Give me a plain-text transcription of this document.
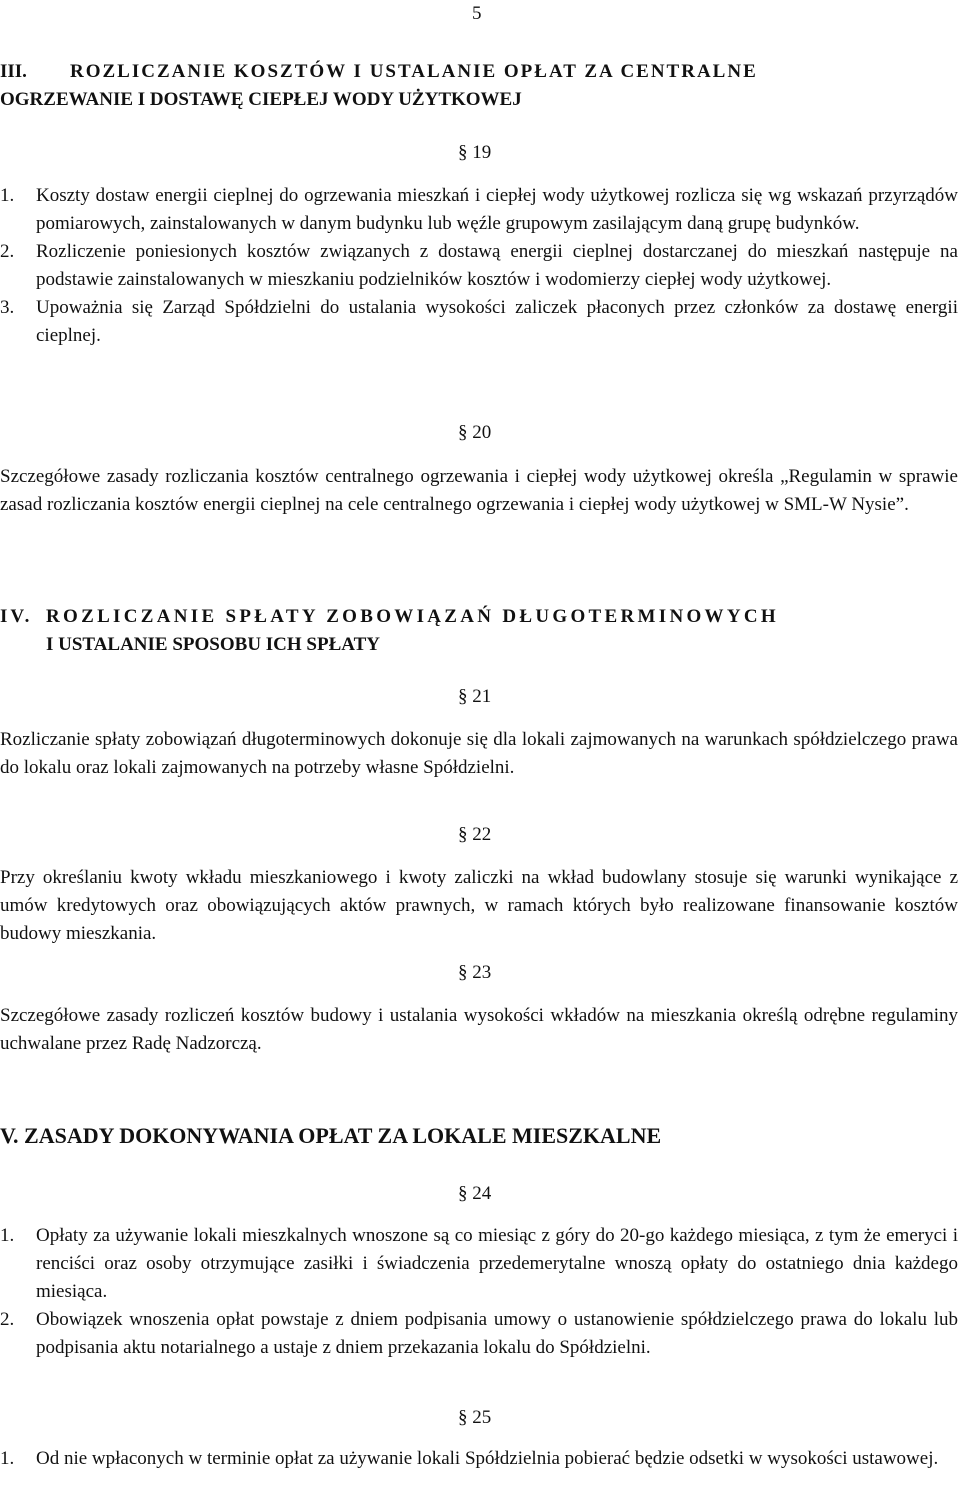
5
III. ROZLICZANIE KOSZTÓW I USTALANIE OPŁAT ZA CENTRALNE
OGRZEWANIE I DOSTAWĘ CIEPŁEJ WODY UŻYTKOWEJ
§ 19
1. Koszty dostaw energii cieplnej do ogrzewania mieszkań i ciepłej wody użytkowej rozlicza się wg wskazań przyrządów pomiarowych, zainstalowanych w danym budynku lub węźle grupowym zasilającym daną grupę budynków.
2. Rozliczenie poniesionych kosztów związanych z dostawą energii cieplnej dostarczanej do mieszkań następuje na podstawie zainstalowanych w mieszkaniu podzielników kosztów i wodomierzy ciepłej wody użytkowej.
3. Upoważnia się Zarząd Spółdzielni do ustalania wysokości zaliczek płaconych przez członków za dostawę energii cieplnej.
§ 20

Szczegółowe zasady rozliczania kosztów centralnego ogrzewania i ciepłej wody użytkowej określa „Regulamin w sprawie zasad rozliczania kosztów energii cieplnej na cele centralnego ogrzewania i ciepłej wody użytkowej w SML-W Nysie”.

IV. ROZLICZANIE SPŁATY ZOBOWIĄZAŃ DŁUGOTERMINOWYCH
I USTALANIE SPOSOBU ICH SPŁATY
§ 21

Rozliczanie spłaty zobowiązań długoterminowych dokonuje się dla lokali zajmowanych na warunkach spółdzielczego prawa do lokalu oraz lokali zajmowanych na potrzeby własne Spółdzielni.

§ 22

Przy określaniu kwoty wkładu mieszkaniowego i kwoty zaliczki na wkład budowlany stosuje się warunki wynikające z umów kredytowych oraz obowiązujących aktów prawnych, w ramach których było realizowane finansowanie kosztów budowy mieszkania.

§ 23

Szczegółowe zasady rozliczeń kosztów budowy i ustalania wysokości wkładów na mieszkania określą odrębne regulaminy uchwalane przez Radę Nadzorczą.

V. ZASADY DOKONYWANIA OPŁAT ZA LOKALE MIESZKALNE
§ 24
1. Opłaty za używanie lokali mieszkalnych wnoszone są co miesiąc z góry do 20-go każdego miesiąca, z tym że emeryci i renciści oraz osoby otrzymujące zasiłki i świadczenia przedemerytalne wnoszą opłaty do ostatniego dnia każdego miesiąca.
2. Obowiązek wnoszenia opłat powstaje z dniem podpisania umowy o ustanowienie spółdzielczego prawa do lokalu lub podpisania aktu notarialnego a ustaje z dniem przekazania lokalu do Spółdzielni.
§ 25
1. Od nie wpłaconych w terminie opłat za używanie lokali Spółdzielnia pobierać będzie odsetki w wysokości ustawowej.
